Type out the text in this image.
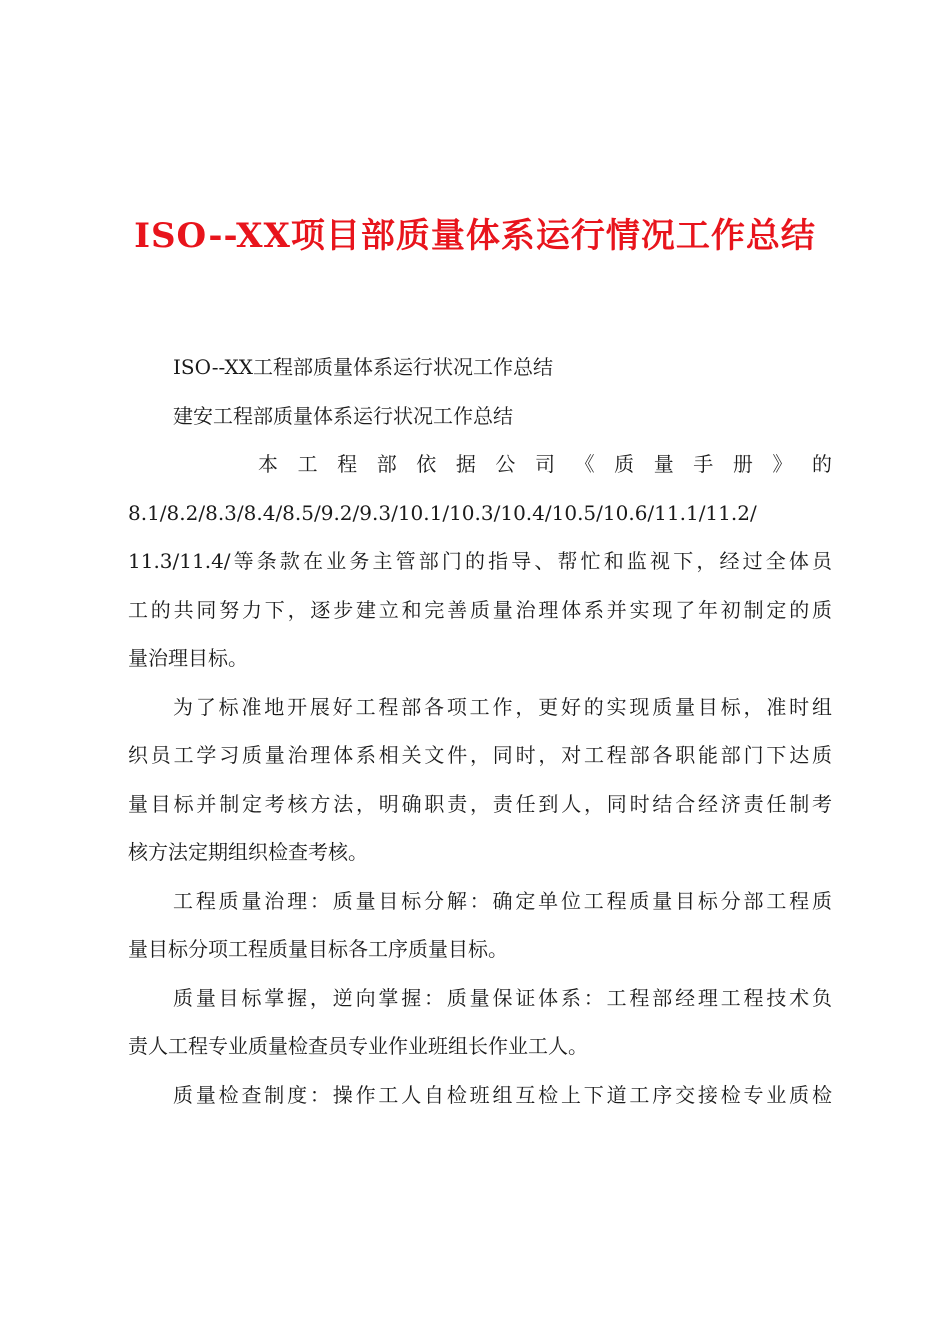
ISO--XX项目部质量体系运行情况工作总结
ISO--XX工程部质量体系运行状况工作总结
建安工程部质量体系运行状况工作总结
本工程部依据公司《质量手册》的
8.1/8.2/8.3/8.4/8.5/9.2/9.3/10.1/10.3/10.4/10.5/10.6/11.1/11.2/
11.3/11.4/等条款在业务主管部门的指导、帮忙和监视下，经过全体员
工的共同努力下，逐步建立和完善质量治理体系并实现了年初制定的质
量治理目标。
为了标准地开展好工程部各项工作，更好的实现质量目标，准时组
织员工学习质量治理体系相关文件，同时，对工程部各职能部门下达质
量目标并制定考核方法，明确职责，责任到人，同时结合经济责任制考
核方法定期组织检查考核。
工程质量治理：质量目标分解：确定单位工程质量目标分部工程质
量目标分项工程质量目标各工序质量目标。
质量目标掌握，逆向掌握：质量保证体系：工程部经理工程技术负
责人工程专业质量检查员专业作业班组长作业工人。
质量检查制度：操作工人自检班组互检上下道工序交接检专业质检
